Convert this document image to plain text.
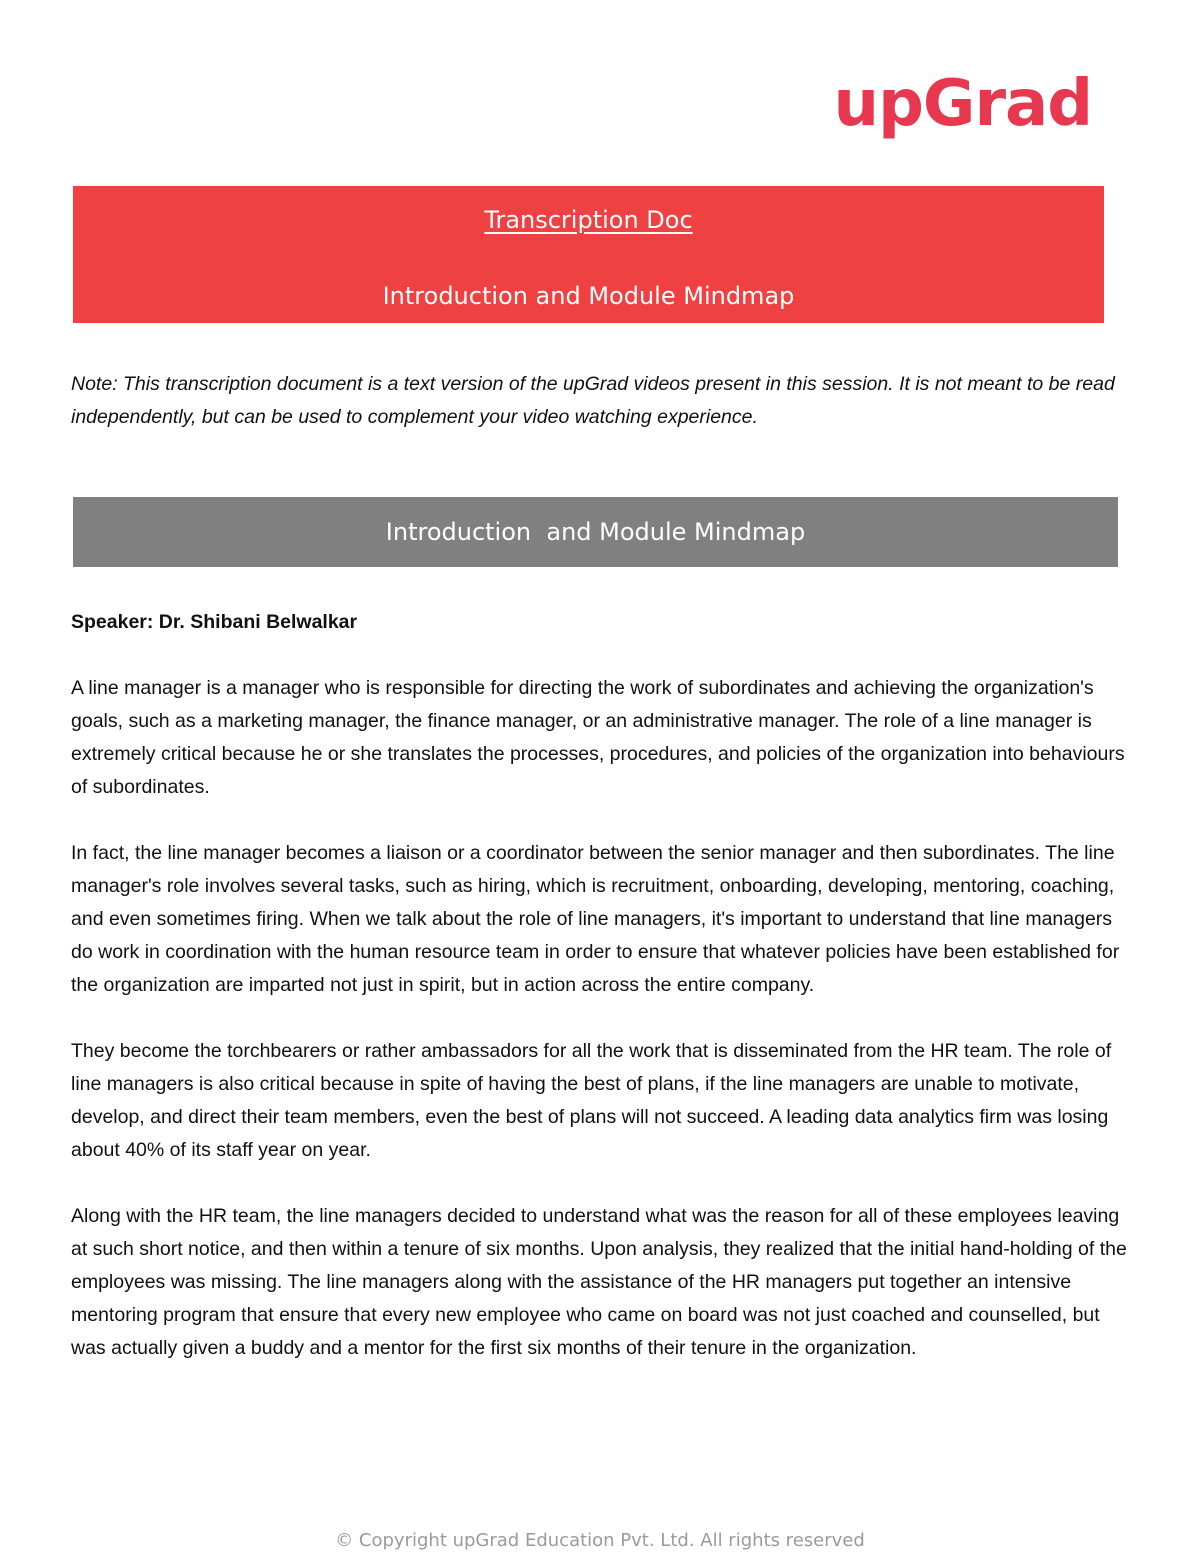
upGrad
Transcription Doc
Introduction and Module Mindmap

Note: This transcription document is a text version of the upGrad videos present in this session. It is not meant to be read independently, but can be used to complement your video watching experience.

Introduction  and Module Mindmap
Speaker: Dr. Shibani Belwalkar

A line manager is a manager who is responsible for directing the work of subordinates and achieving the organization's goals, such as a marketing manager, the finance manager, or an administrative manager. The role of a line manager is extremely critical because he or she translates the processes, procedures, and policies of the organization into behaviours of subordinates.

In fact, the line manager becomes a liaison or a coordinator between the senior manager and then subordinates. The line manager's role involves several tasks, such as hiring, which is recruitment, onboarding, developing, mentoring, coaching, and even sometimes firing. When we talk about the role of line managers, it's important to understand that line managers do work in coordination with the human resource team in order to ensure that whatever policies have been established for the organization are imparted not just in spirit, but in action across the entire company.

They become the torchbearers or rather ambassadors for all the work that is disseminated from the HR team. The role of line managers is also critical because in spite of having the best of plans, if the line managers are unable to motivate, develop, and direct their team members, even the best of plans will not succeed. A leading data analytics firm was losing about 40% of its staff year on year.

Along with the HR team, the line managers decided to understand what was the reason for all of these employees leaving at such short notice, and then within a tenure of six months. Upon analysis, they realized that the initial hand-holding of the employees was missing. The line managers along with the assistance of the HR managers put together an intensive mentoring program that ensure that every new employee who came on board was not just coached and counselled, but was actually given a buddy and a mentor for the first six months of their tenure in the organization.

© Copyright upGrad Education Pvt. Ltd. All rights reserved
